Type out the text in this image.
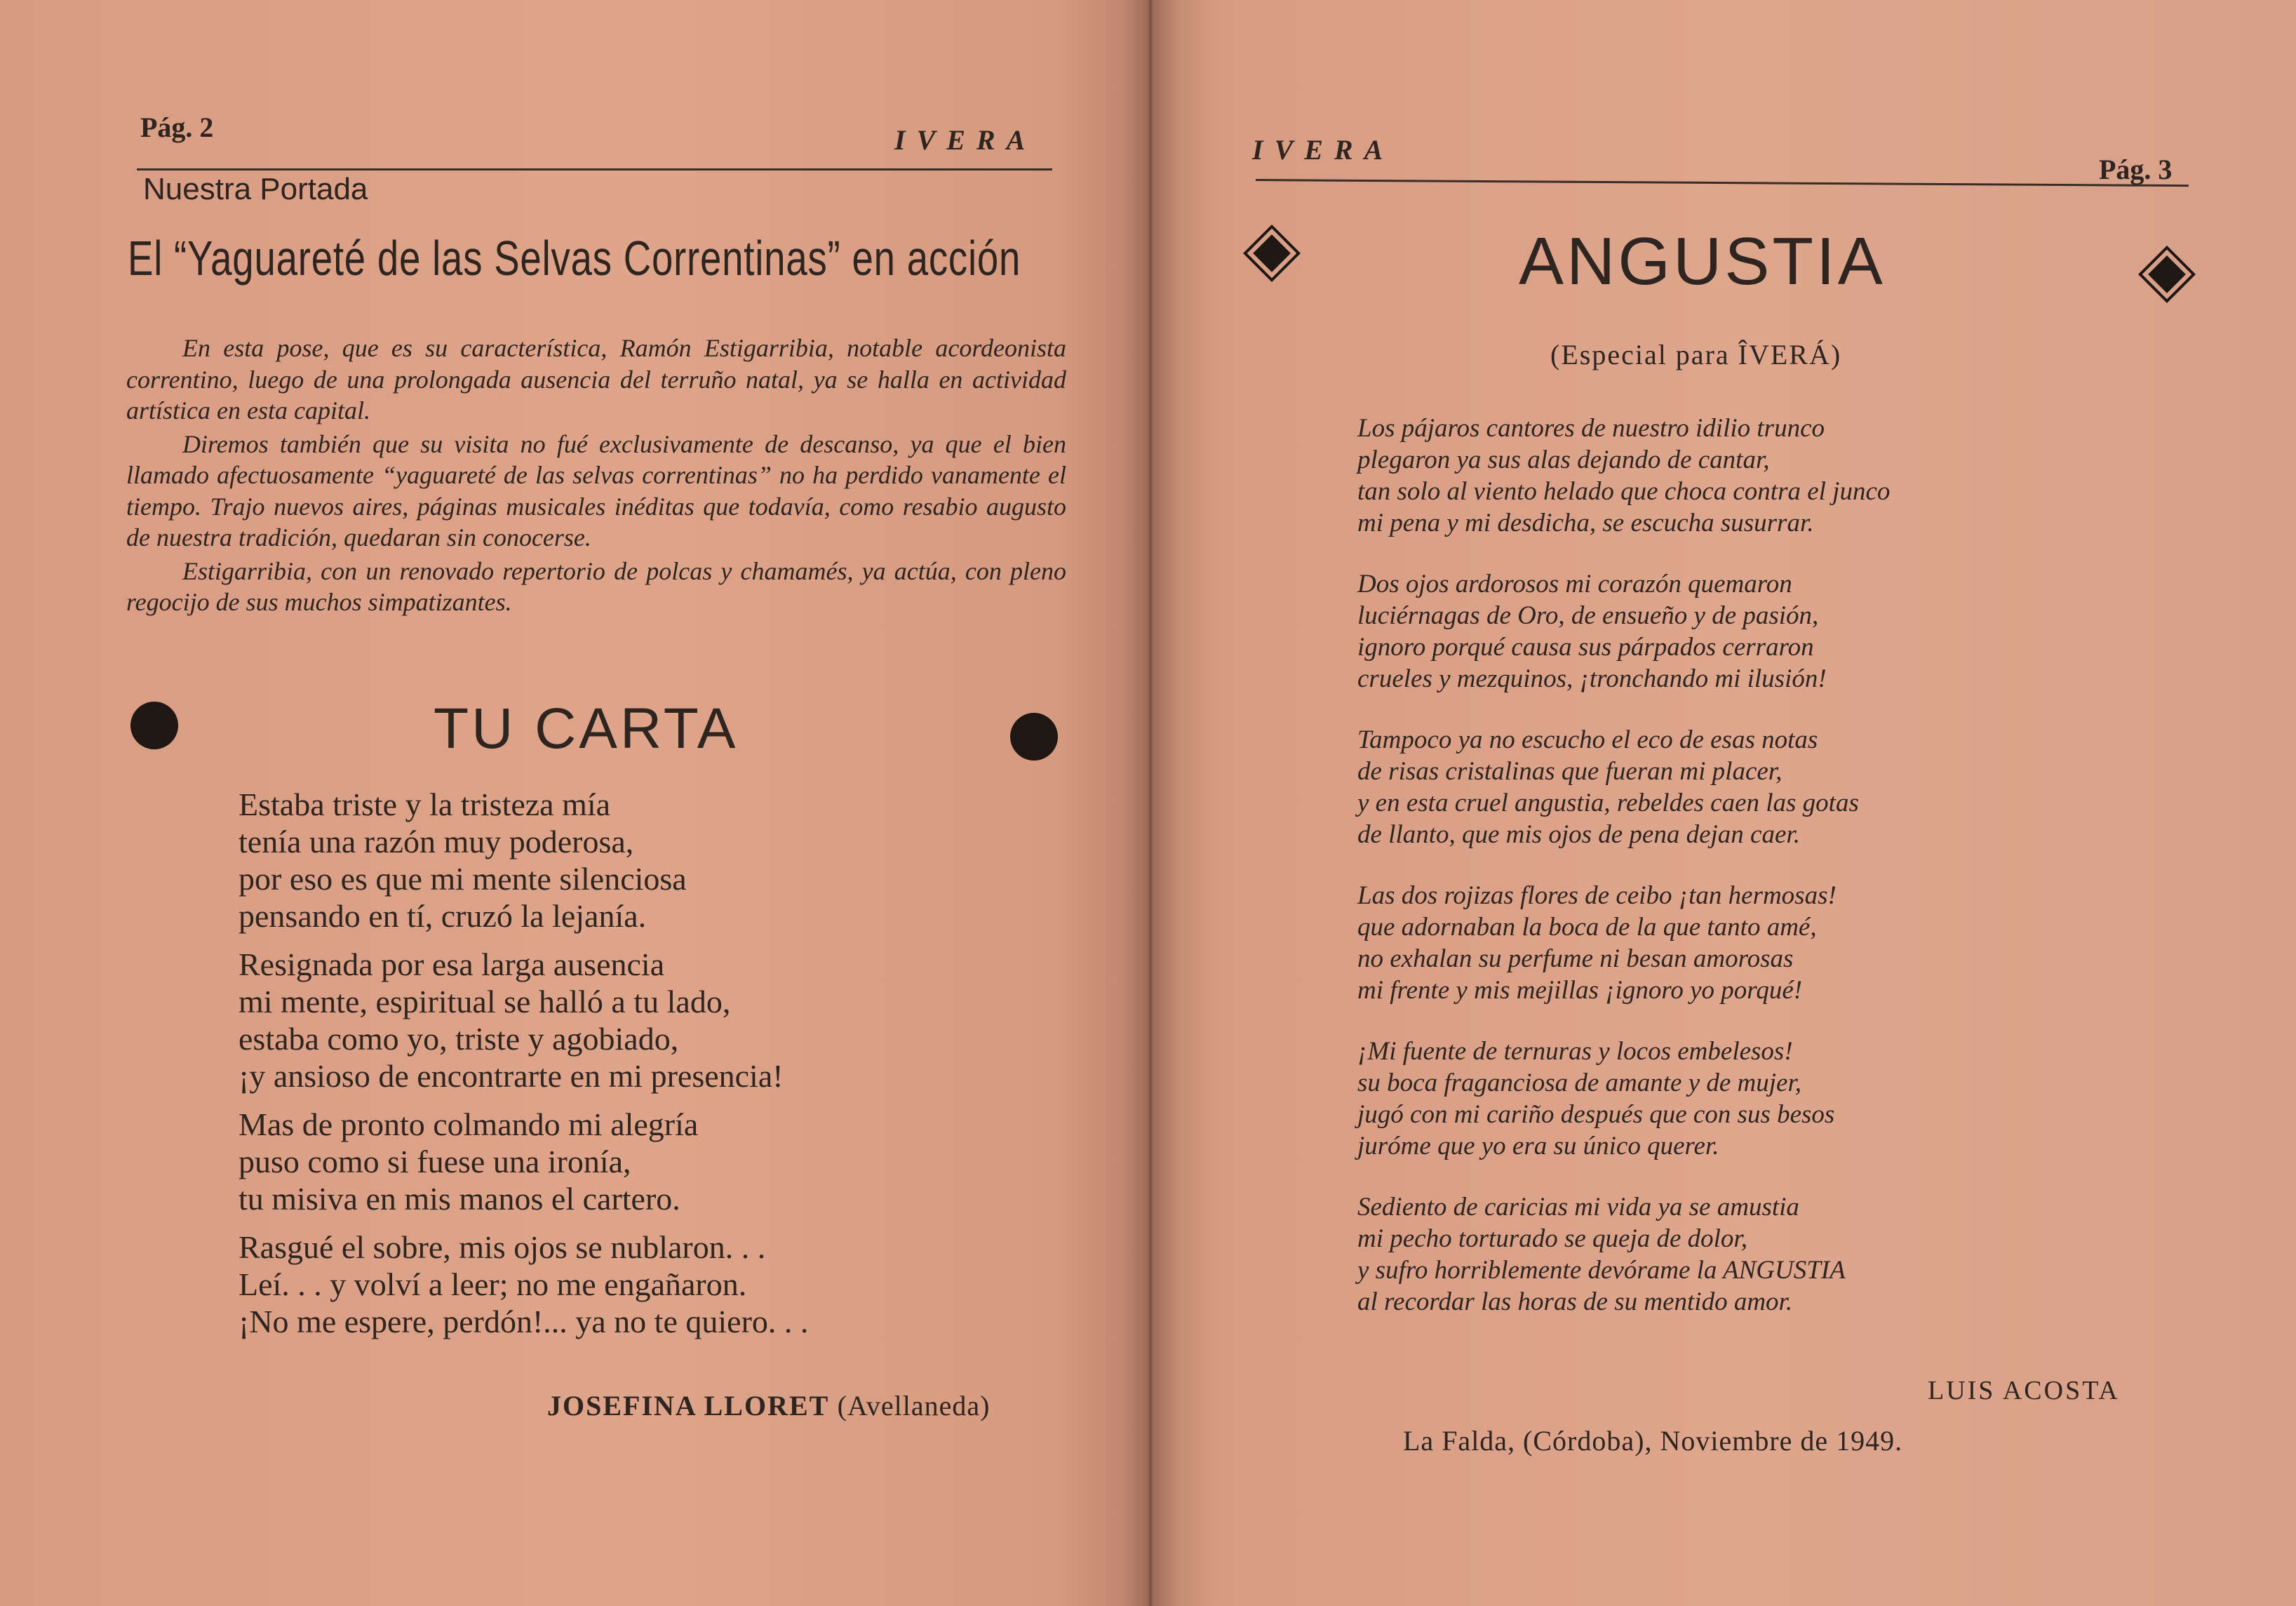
Pág. 2	IVERA
Nuestra Portada
El “Yaguareté de las Selvas Correntinas” en acción

En esta pose, que es su característica, Ramón Estigarribia, notable acordeonista correntino, luego de una prolongada ausencia del terruño natal, ya se halla en actividad artística en esta capital.

Diremos también que su visita no fué exclusivamente de descanso, ya que el bien llamado afectuosamente “yaguareté de las selvas correntinas” no ha perdido vanamente el tiempo. Trajo nuevos aires, páginas musicales inéditas que todavía, como resabio augusto de nuestra tradición, quedaran sin conocerse.

Estigarribia, con un renovado repertorio de polcas y chamamés, ya actúa, con pleno regocijo de sus muchos simpatizantes.

TU CARTA
Estaba triste y la tristeza mía
tenía una razón muy poderosa,
por eso es que mi mente silenciosa
pensando en tí, cruzó la lejanía.
Resignada por esa larga ausencia
mi mente, espiritual se halló a tu lado,
estaba como yo, triste y agobiado,
¡y ansioso de encontrarte en mi presencia!
Mas de pronto colmando mi alegría
puso como si fuese una ironía,
tu misiva en mis manos el cartero.
Rasgué el sobre, mis ojos se nublaron. . .
Leí. . . y volví a leer; no me engañaron.
¡No me espere, perdón!... ya no te quiero. . .
JOSEFINA LLORET (Avellaneda)
IVERA
Pág. 3
ANGUSTIA
(Especial para ÎVERÁ)
Los pájaros cantores de nuestro idilio trunco
plegaron ya sus alas dejando de cantar,
tan solo al viento helado que choca contra el junco
mi pena y mi desdicha, se escucha susurrar.
Dos ojos ardorosos mi corazón quemaron
luciérnagas de Oro, de ensueño y de pasión,
ignoro porqué causa sus párpados cerraron
crueles y mezquinos, ¡tronchando mi ilusión!
Tampoco ya no escucho el eco de esas notas
de risas cristalinas que fueran mi placer,
y en esta cruel angustia, rebeldes caen las gotas
de llanto, que mis ojos de pena dejan caer.
Las dos rojizas flores de ceibo ¡tan hermosas!
que adornaban la boca de la que tanto amé,
no exhalan su perfume ni besan amorosas
mi frente y mis mejillas ¡ignoro yo porqué!
¡Mi fuente de ternuras y locos embelesos!
su boca fraganciosa de amante y de mujer,
jugó con mi cariño después que con sus besos
juróme que yo era su único querer.
Sediento de caricias mi vida ya se amustia
mi pecho torturado se queja de dolor,
y sufro horriblemente devórame la ANGUSTIA
al recordar las horas de su mentido amor.
LUIS ACOSTA
La Falda, (Córdoba), Noviembre de 1949.
